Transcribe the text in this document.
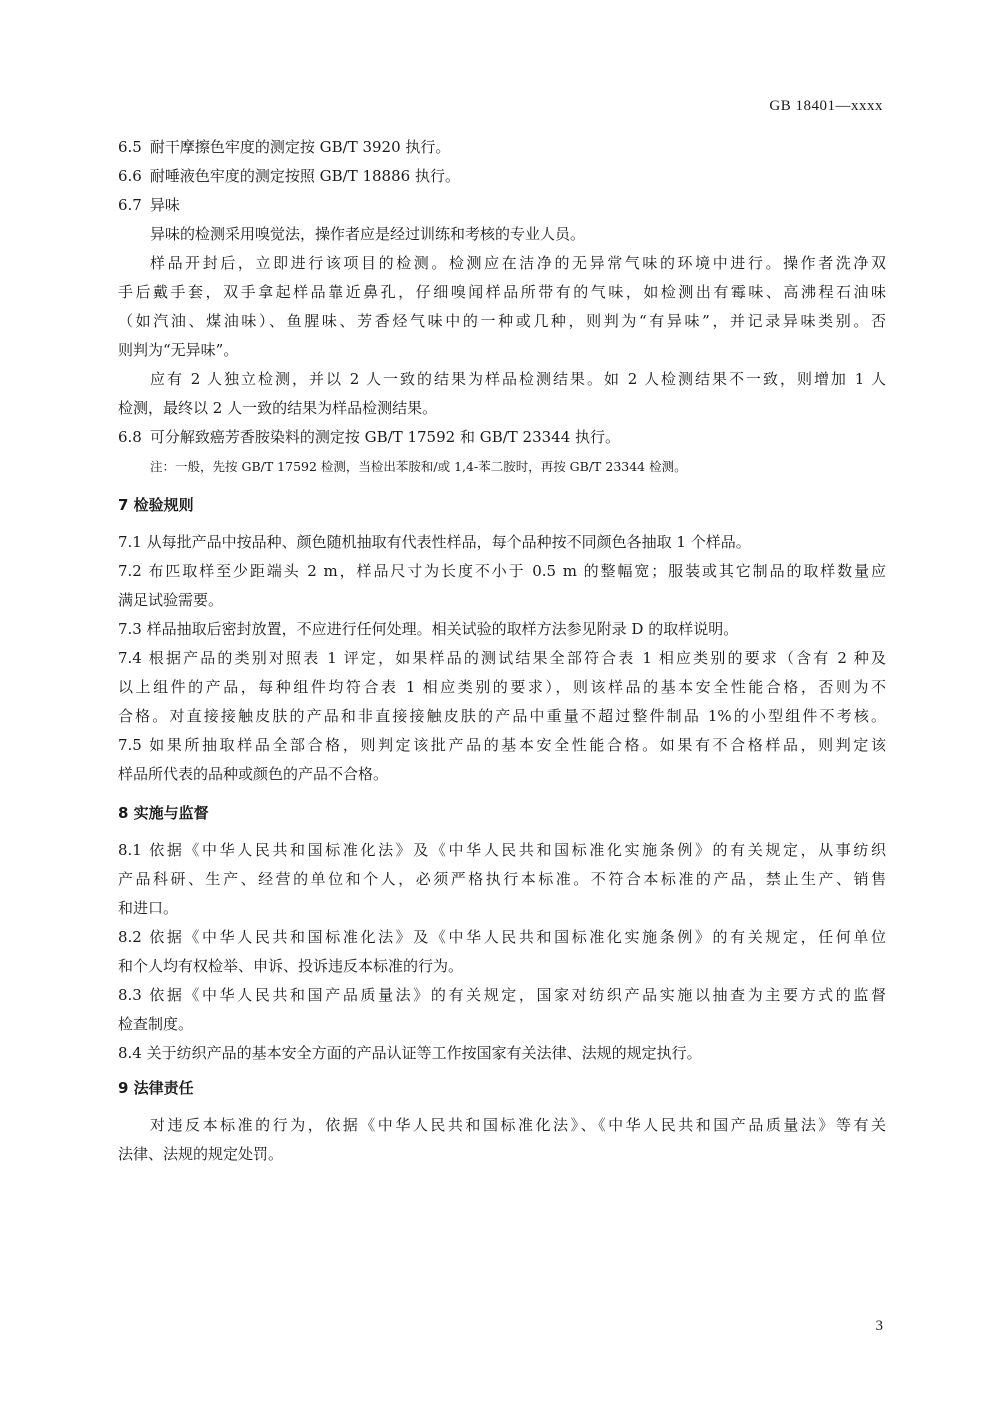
GB 18401—xxxx
6.5 耐干摩擦色牢度的测定按 GB/T 3920 执行。
6.6 耐唾液色牢度的测定按照 GB/T 18886 执行。
6.7 异味
异味的检测采用嗅觉法，操作者应是经过训练和考核的专业人员。
样品开封后，立即进行该项目的检测。检测应在洁净的无异常气味的环境中进行。操作者洗净双
手后戴手套，双手拿起样品靠近鼻孔，仔细嗅闻样品所带有的气味，如检测出有霉味、高沸程石油味
（如汽油、煤油味）、鱼腥味、芳香烃气味中的一种或几种，则判为“有异味”，并记录异味类别。否
则判为“无异味”。
应有 2 人独立检测，并以 2 人一致的结果为样品检测结果。如 2 人检测结果不一致，则增加 1 人
检测，最终以 2 人一致的结果为样品检测结果。
6.8 可分解致癌芳香胺染料的测定按 GB/T 17592 和 GB/T 23344 执行。
注：一般，先按 GB/T 17592 检测，当检出苯胺和/或 1,4-苯二胺时，再按 GB/T 23344 检测。
7 检验规则
7.1 从每批产品中按品种、颜色随机抽取有代表性样品，每个品种按不同颜色各抽取 1 个样品。
7.2 布匹取样至少距端头 2 m，样品尺寸为长度不小于 0.5 m 的整幅宽；服装或其它制品的取样数量应
满足试验需要。
7.3 样品抽取后密封放置，不应进行任何处理。相关试验的取样方法参见附录 D 的取样说明。
7.4 根据产品的类别对照表 1 评定，如果样品的测试结果全部符合表 1 相应类别的要求（含有 2 种及
以上组件的产品，每种组件均符合表 1 相应类别的要求），则该样品的基本安全性能合格，否则为不
合格。对直接接触皮肤的产品和非直接接触皮肤的产品中重量不超过整件制品 1%的小型组件不考核。
7.5 如果所抽取样品全部合格，则判定该批产品的基本安全性能合格。如果有不合格样品，则判定该
样品所代表的品种或颜色的产品不合格。
8 实施与监督
8.1 依据《中华人民共和国标准化法》及《中华人民共和国标准化实施条例》的有关规定，从事纺织
产品科研、生产、经营的单位和个人，必须严格执行本标准。不符合本标准的产品，禁止生产、销售
和进口。
8.2 依据《中华人民共和国标准化法》及《中华人民共和国标准化实施条例》的有关规定，任何单位
和个人均有权检举、申诉、投诉违反本标准的行为。
8.3 依据《中华人民共和国产品质量法》的有关规定，国家对纺织产品实施以抽查为主要方式的监督
检查制度。
8.4 关于纺织产品的基本安全方面的产品认证等工作按国家有关法律、法规的规定执行。
9 法律责任
对违反本标准的行为，依据《中华人民共和国标准化法》、《中华人民共和国产品质量法》等有关
法律、法规的规定处罚。
3
